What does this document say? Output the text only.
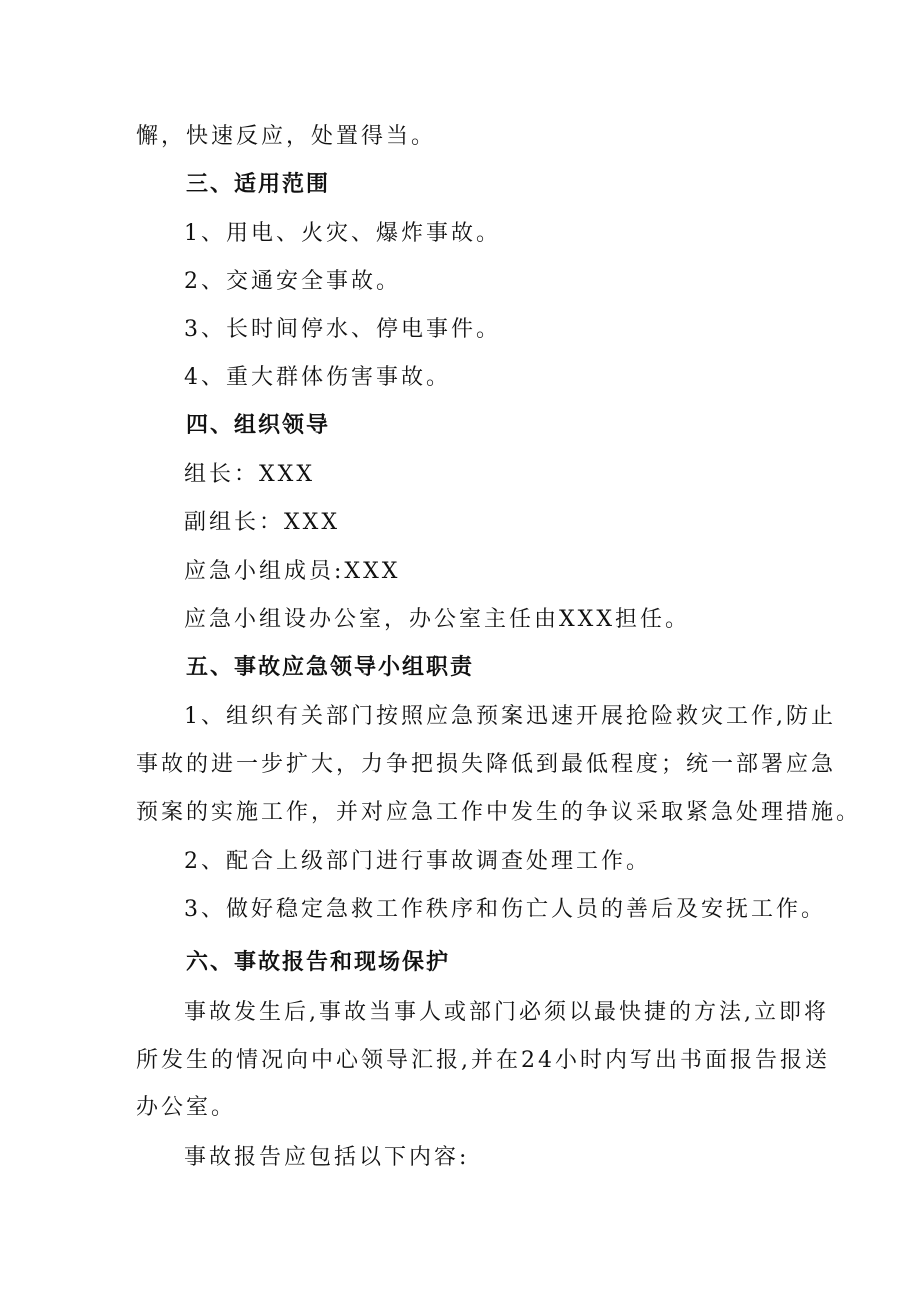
懈，快速反应，处置得当。
三、适用范围
1、用电、火灾、爆炸事故。
2、交通安全事故。
3、长时间停水、停电事件。
4、重大群体伤害事故。
四、组织领导
组长：XXX
副组长：XXX
应急小组成员:XXX
应急小组设办公室，办公室主任由XXX担任。
五、事故应急领导小组职责
1、组织有关部门按照应急预案迅速开展抢险救灾工作,防止
事故的进一步扩大，力争把损失降低到最低程度；统一部署应急
预案的实施工作，并对应急工作中发生的争议采取紧急处理措施。
2、配合上级部门进行事故调查处理工作。
3、做好稳定急救工作秩序和伤亡人员的善后及安抚工作。
六、事故报告和现场保护
事故发生后,事故当事人或部门必须以最快捷的方法,立即将
所发生的情况向中心领导汇报,并在24小时内写出书面报告报送
办公室。
事故报告应包括以下内容:
